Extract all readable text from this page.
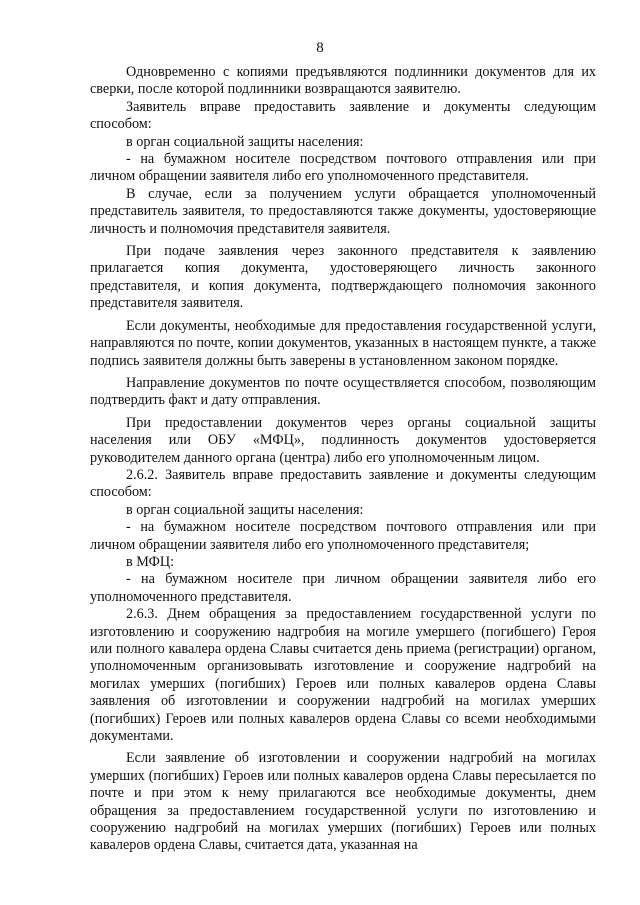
8

Одновременно с копиями предъявляются подлинники документов для их сверки, после которой подлинники возвращаются заявителю.

Заявитель вправе предоставить заявление и документы следующим способом:

в орган социальной защиты населения:

- на бумажном носителе посредством почтового отправления или при личном обращении заявителя либо его уполномоченного представителя.

В случае, если за получением услуги обращается уполномоченный представитель заявителя, то предоставляются также документы, удостоверяющие личность и полномочия представителя заявителя.

При подаче заявления через законного представителя к заявлению прилагается копия документа, удостоверяющего личность законного представителя, и копия документа, подтверждающего полномочия законного представителя заявителя.

Если документы, необходимые для предоставления государственной услуги, направляются по почте, копии документов, указанных в настоящем пункте, а также подпись заявителя должны быть заверены в установленном законом порядке.

Направление документов по почте осуществляется способом, позволяющим подтвердить факт и дату отправления.

При предоставлении документов через органы социальной защиты населения или ОБУ «МФЦ», подлинность документов удостоверяется руководителем данного органа (центра) либо его уполномоченным лицом.

2.6.2. Заявитель вправе предоставить заявление и документы следующим способом:

в орган социальной защиты населения:

- на бумажном носителе посредством почтового отправления или при личном обращении заявителя либо его уполномоченного представителя;

в МФЦ:

- на бумажном носителе при личном обращении заявителя либо его уполномоченного представителя.

2.6.3. Днем обращения за предоставлением государственной услуги по изготовлению и сооружению надгробия на могиле умершего (погибшего) Героя или полного кавалера ордена Славы считается день приема (регистрации) органом, уполномоченным организовывать изготовление и сооружение надгробий на могилах умерших (погибших) Героев или полных кавалеров ордена Славы заявления об изготовлении и сооружении надгробий на могилах умерших (погибших) Героев или полных кавалеров ордена Славы со всеми необходимыми документами.

Если заявление об изготовлении и сооружении надгробий на могилах умерших (погибших) Героев или полных кавалеров ордена Славы пересылается по почте и при этом к нему прилагаются все необходимые документы, днем обращения за предоставлением государственной услуги по изготовлению и сооружению надгробий на могилах умерших (погибших) Героев или полных кавалеров ордена Славы, считается дата, указанная на
